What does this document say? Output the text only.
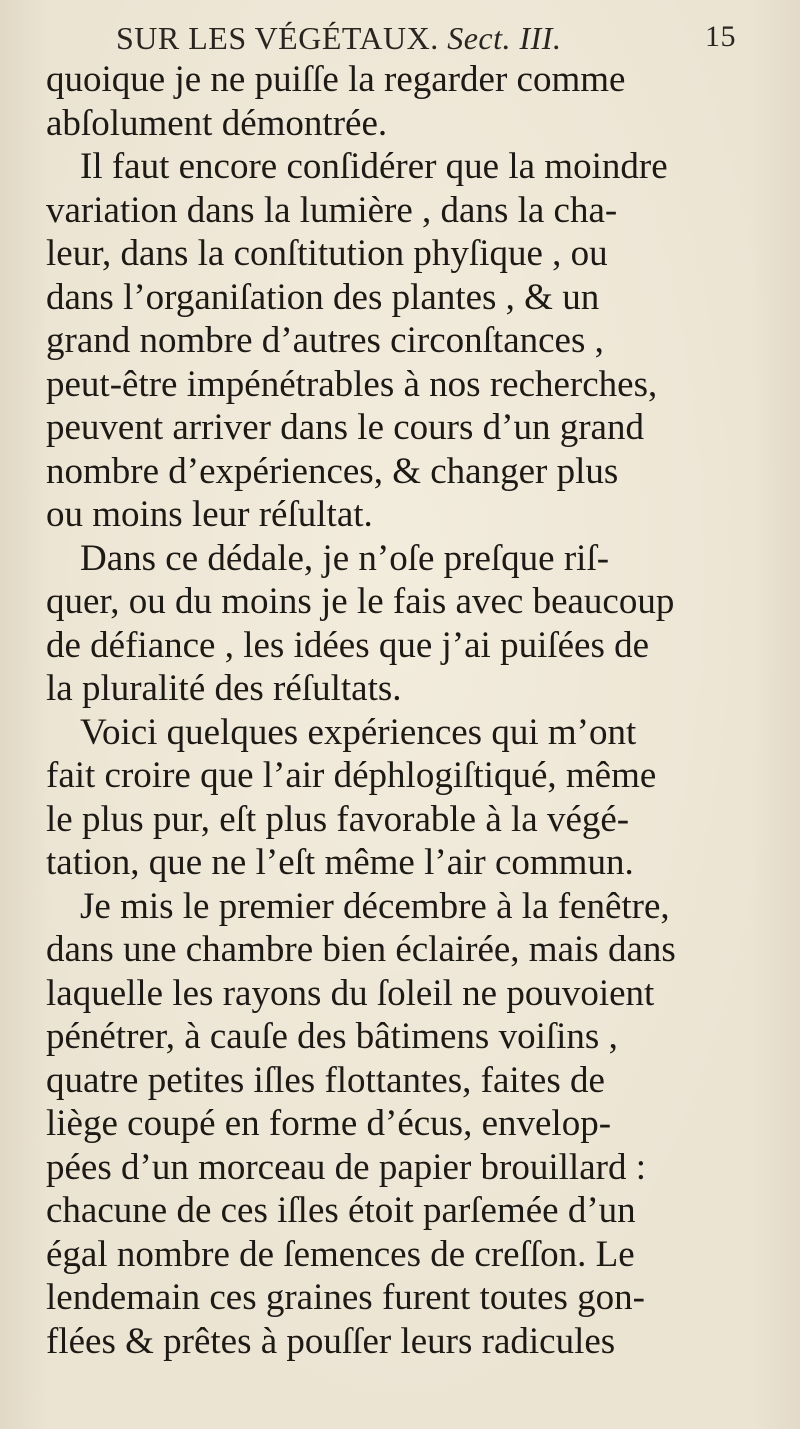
SUR LES VÉGÉTAUX. Sect. III.	15
quoique je ne puiſſe la regarder comme
abſolument démontrée.
Il faut encore conſidérer que la moindre
variation dans la lumière , dans la cha-
leur, dans la conſtitution phyſique , ou
dans l’organiſation des plantes , & un
grand nombre d’autres circonſtances ,
peut-être impénétrables à nos recherches,
peuvent arriver dans le cours d’un grand
nombre d’expériences, & changer plus
ou moins leur réſultat.
Dans ce dédale, je n’oſe preſque riſ-
quer, ou du moins je le fais avec beaucoup
de défiance , les idées que j’ai puiſées de
la pluralité des réſultats.
Voici quelques expériences qui m’ont
fait croire que l’air déphlogiſtiqué, même
le plus pur, eſt plus favorable à la végé-
tation, que ne l’eſt même l’air commun.
Je mis le premier décembre à la fenêtre,
dans une chambre bien éclairée, mais dans
laquelle les rayons du ſoleil ne pouvoient
pénétrer, à cauſe des bâtimens voiſins ,
quatre petites iſles flottantes, faites de
liège coupé en forme d’écus, envelop-
pées d’un morceau de papier brouillard :
chacune de ces iſles étoit parſemée d’un
égal nombre de ſemences de creſſon. Le
lendemain ces graines furent toutes gon-
flées & prêtes à pouſſer leurs radicules
